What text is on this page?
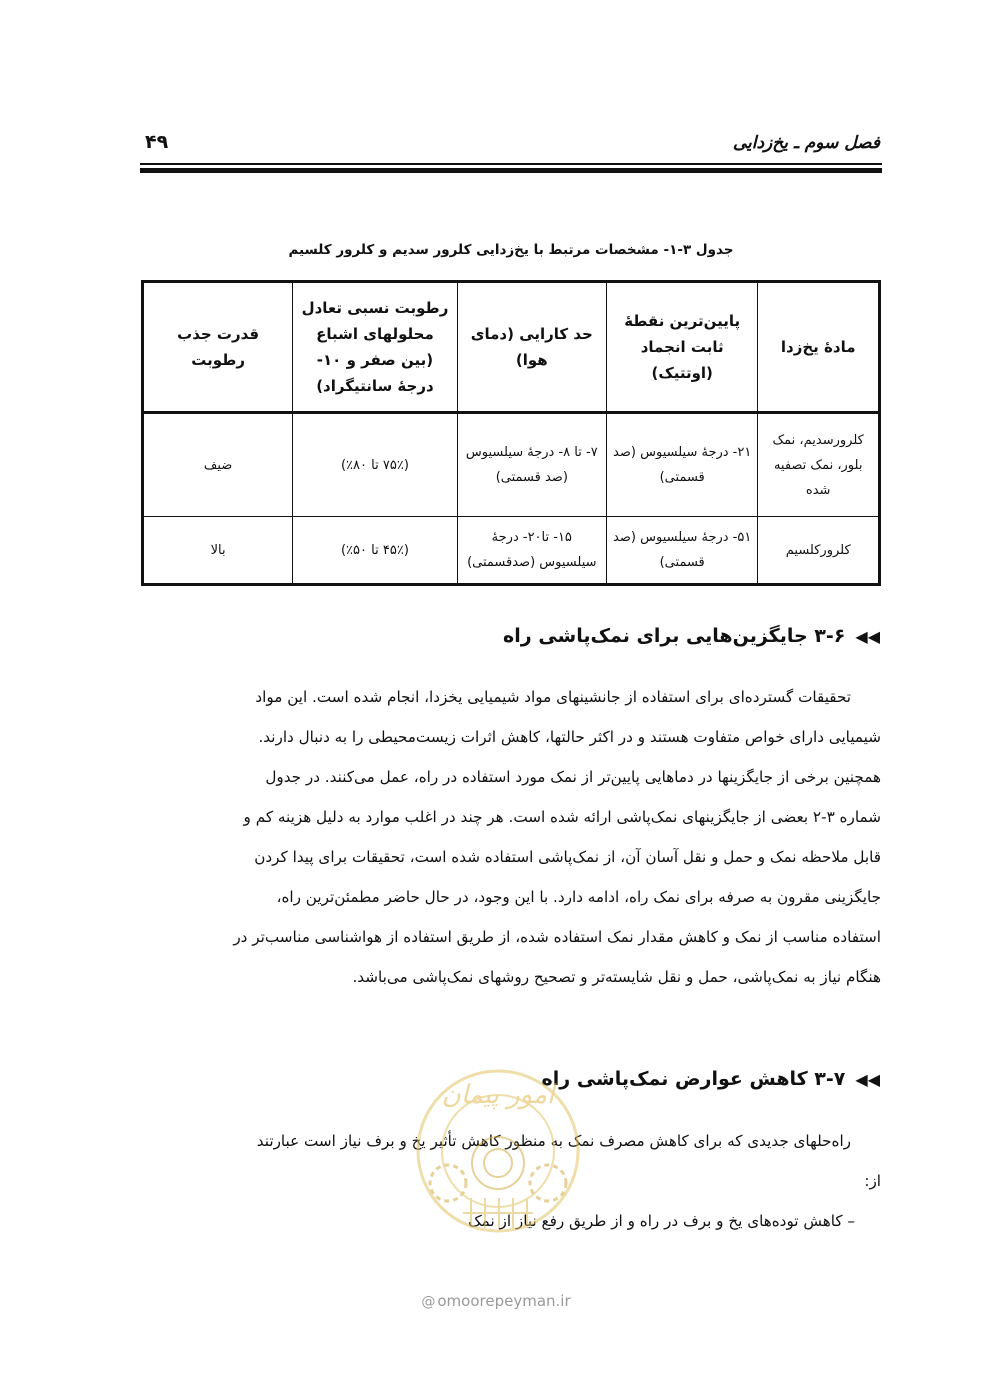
فصل سوم ـ یخ‌زدایی
۴۹
جدول ۳-۱- مشخصات مرتبط با یخ‌زدایی کلرور سدیم و کلرور کلسیم
مادهٔ یخ‌زدا	پایین‌ترین نقطهٔ ثابت انجماد (اوتتیک)	حد کارایی (دمای هوا)	رطوبت نسبی تعادل محلولهای اشباع (بین صفر و ۱۰- درجهٔ سانتیگراد)	قدرت جذب رطوبت
کلرورسدیم، نمک بلور، نمک تصفیه شده	۲۱- درجهٔ سیلسیوس (صد قسمتی)	۷- تا ۸- درجهٔ سیلسیوس (صد قسمتی)	(۷۵٪ تا ۸۰٪)	ضیف
کلرورکلسیم	۵۱- درجهٔ سیلسیوس (صد قسمتی)	۱۵- تا۲۰- درجهٔ سیلسیوس (صدقسمتی)	(۴۵٪ تا ۵۰٪)	بالا
◀◀۳-۶ جایگزین‌هایی برای نمک‌پاشی راه

تحقیقات گسترده‌ای برای استفاده از جانشینهای مواد شیمیایی یخزدا، انجام شده است. این مواد

شیمیایی دارای خواص متفاوت هستند و در اکثر حالتها، کاهش اثرات زیست‌محیطی را به دنبال دارند.

همچنین برخی از جایگزینها در دماهایی پایین‌تر از نمک مورد استفاده در راه، عمل می‌کنند. در جدول

شماره ۳-۲ بعضی از جایگزینهای نمک‌پاشی ارائه شده است. هر چند در اغلب موارد به دلیل هزینه کم و

قابل ملاحظه نمک و حمل و نقل آسان آن، از نمک‌پاشی استفاده شده است، تحقیقات برای پیدا کردن

جایگزینی مقرون به صرفه برای نمک راه، ادامه دارد. با این وجود، در حال حاضر مطمئن‌ترین راه،

استفاده مناسب از نمک و کاهش مقدار نمک استفاده شده، از طریق استفاده از هواشناسی مناسب‌تر در

هنگام نیاز به نمک‌پاشی، حمل و نقل شایسته‌تر و تصحیح روشهای نمک‌پاشی می‌باشد.

◀◀۳-۷ کاهش عوارض نمک‌پاشی راه

راه‌حلهای جدیدی که برای کاهش مصرف نمک به منظور کاهش تأثیر یخ و برف نیاز است عبارتند

از:

– کاهش توده‌های یخ و برف در راه و از طریق رفع نیاز از نمک
امور پیمان
@ omoorepeyman.ir
